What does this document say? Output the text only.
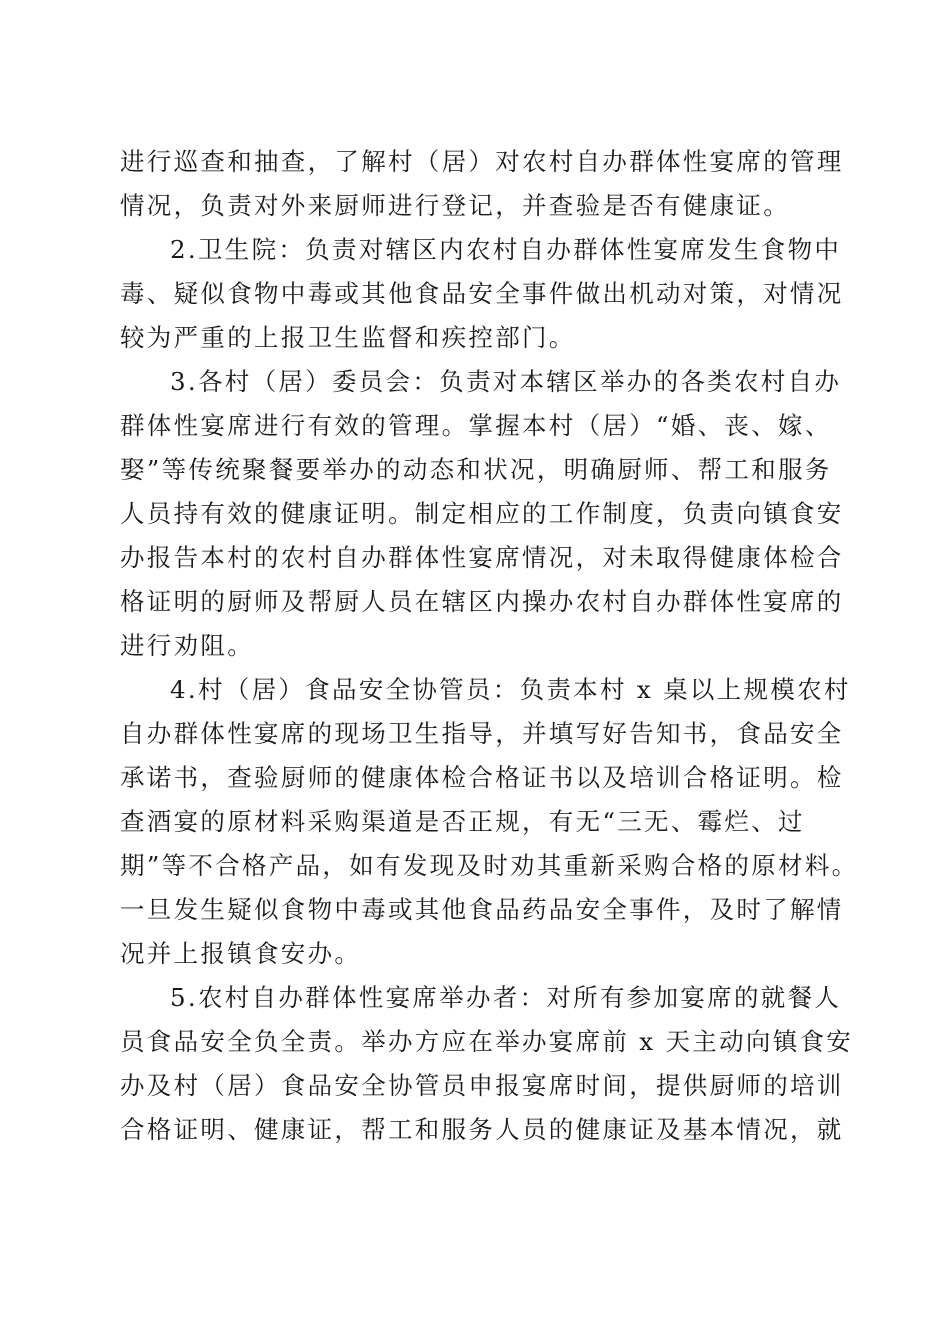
进行巡查和抽查，了解村（居）对农村自办群体性宴席的管理
情况，负责对外来厨师进行登记，并查验是否有健康证。
2.卫生院：负责对辖区内农村自办群体性宴席发生食物中
毒、疑似食物中毒或其他食品安全事件做出机动对策，对情况
较为严重的上报卫生监督和疾控部门。
3.各村（居）委员会：负责对本辖区举办的各类农村自办
群体性宴席进行有效的管理。掌握本村（居）“婚、丧、嫁、
娶”等传统聚餐要举办的动态和状况，明确厨师、帮工和服务
人员持有效的健康证明。制定相应的工作制度，负责向镇食安
办报告本村的农村自办群体性宴席情况，对未取得健康体检合
格证明的厨师及帮厨人员在辖区内操办农村自办群体性宴席的
进行劝阻。
4.村（居）食品安全协管员：负责本村 x 桌以上规模农村
自办群体性宴席的现场卫生指导，并填写好告知书，食品安全
承诺书，查验厨师的健康体检合格证书以及培训合格证明。检
查酒宴的原材料采购渠道是否正规，有无“三无、霉烂、过
期”等不合格产品，如有发现及时劝其重新采购合格的原材料。
一旦发生疑似食物中毒或其他食品药品安全事件，及时了解情
况并上报镇食安办。
5.农村自办群体性宴席举办者：对所有参加宴席的就餐人
员食品安全负全责。举办方应在举办宴席前 x 天主动向镇食安
办及村（居）食品安全协管员申报宴席时间，提供厨师的培训
合格证明、健康证，帮工和服务人员的健康证及基本情况，就
